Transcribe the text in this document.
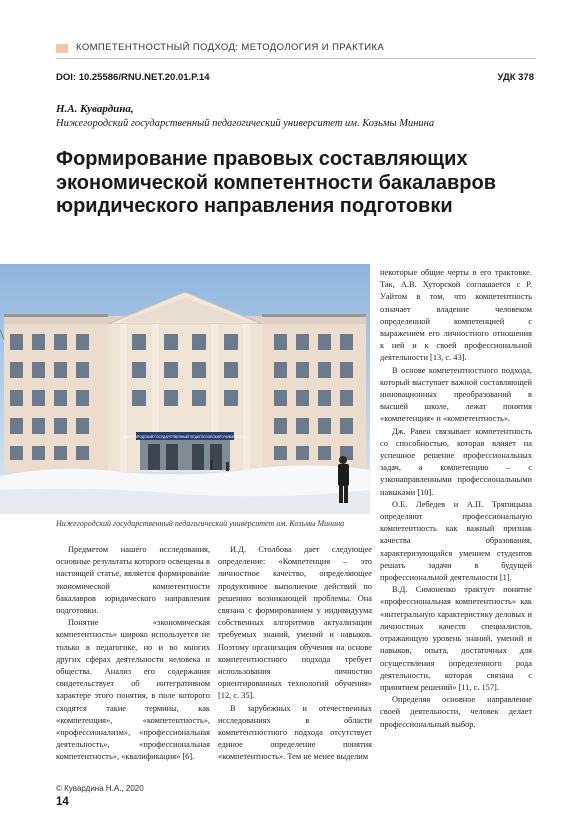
КОМПЕТЕНТНОСТНЫЙ ПОДХОД: МЕТОДОЛОГИЯ И ПРАКТИКА
DOI: 10.25586/RNU.NET.20.01.P.14	УДК 378
Н.А. Кувардина,
Нижегородский государственный педагогический университет им. Козьмы Минина
Формирование правовых составляющих экономической компетентности бакалавров юридического направления подготовки
НИЖЕГОРОДСКИЙ ГОСУДАРСТВЕННЫЙ ПЕДАГОГИЧЕСКИЙ УНИВЕРСИТЕТ
Нижегородский государственный педагогический университет им. Козьмы Минина

Предметом нашего исследования, основные результаты которого освещены в настоящей статье, является формирование экономической компетентности бакалавров юридического направления подготовки.

Понятие «экономическая компетентность» широко используется не только в педагогике, но и во многих других сферах деятельности человека и общества. Анализ его содержания свидетельствует об интегративном характере этого понятия, в поле которого сходятся такие термины, как «компетенция», «компетентность», «профессионализм», «профессиональная деятельность», «профессиональная компетентность», «квалификация» [6].

И.Д. Столбова дает следующее определение: «Компетенция – это личностное качество, определяющее продуктивное выполнение действий по решению возникающей проблемы. Она связана с формированием у индивидуума собственных алгоритмов актуализации требуемых знаний, умений и навыков. Поэтому организация обучения на основе компетентностного подхода требует использования личностно ориентированных технологий обучения» [12, с. 35].

В зарубежных и отечественных исследованиях в области компетентностного подхода отсутствует единое определение понятия «компетентность». Тем не менее выделим

некоторые общие черты в его трактовке. Так, А.В. Хуторской соглашается с Р. Уайтом в том, что компетентность означает владение человеком определенной компетенцией с выражением его личностного отношения к ней и к своей профессиональной деятельности [13, с. 43].

В основе компетентностного подхода, который выступает важной составляющей инновационных преобразований в высшей школе, лежат понятия «компетенция» и «компетентность».

Дж. Равен связывает компетентность со способностью, которая влияет на успешное решение профессиональных задач, а компетенцию – с узконаправленными профессиональными навыками [10].

О.Е. Лебедев и А.П. Тряпицына определяют профессиональную компетентность как важный признак качества образования, характеризующийся умением студентов решать задачи в будущей профессиональной деятельности [1].

В.Д. Симоненко трактует понятие «профессиональная компетентность» как «интегральную характеристику деловых и личностных качеств специалистов, отражающую уровень знаний, умений и навыков, опыта, достаточных для осуществления определенного рода деятельности, которая связана с принятием решений» [11, с. 157].

Определяя основное направление своей деятельности, человек делает профессиональный выбор.

© Кувардина Н.А., 2020
14
